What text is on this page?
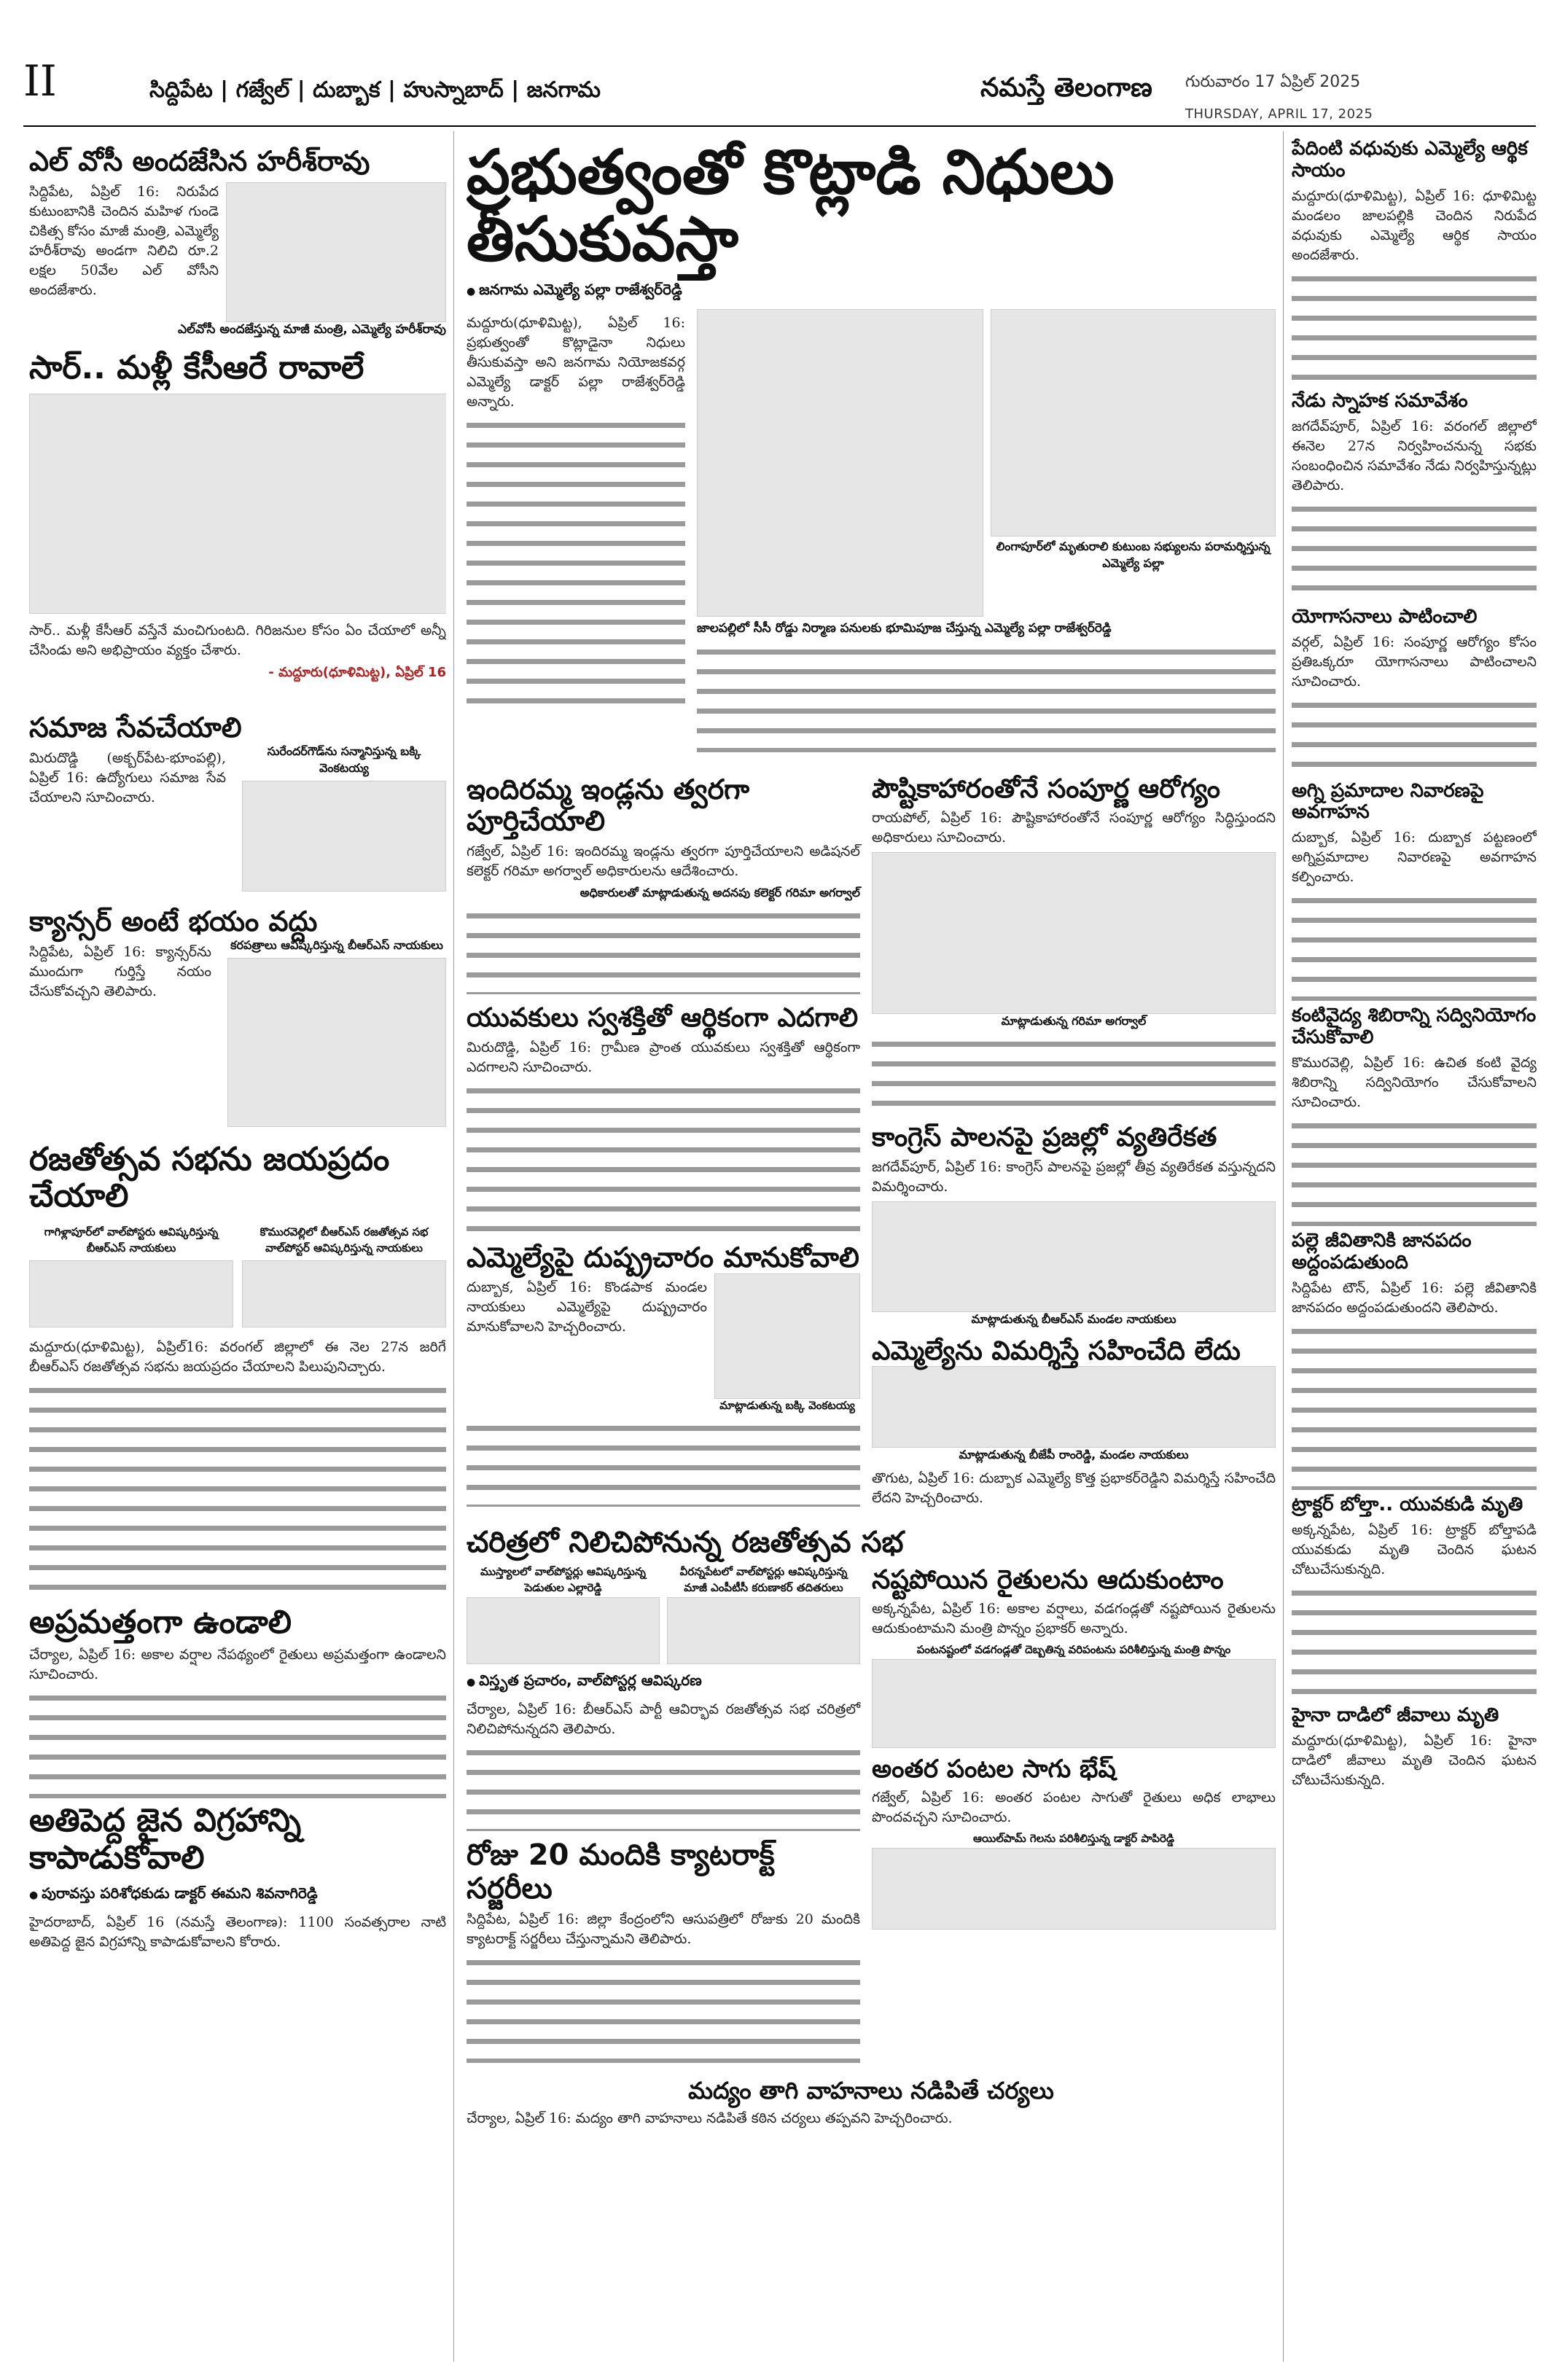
II	సిద్దిపేట | గజ్వేల్ | దుబ్బాక | హుస్నాబాద్ | జనగామ	నమస్తే తెలంగాణ గురువారం 17 ఏప్రిల్ 2025
THURSDAY, APRIL 17, 2025
ఎల్ వోసీ అందజేసిన హరీశ్‌రావు

సిద్దిపేట, ఏప్రిల్ 16: నిరుపేద కుటుంబానికి చెందిన మహిళ గుండె చికిత్స కోసం మాజీ మంత్రి, ఎమ్మెల్యే హరీశ్‌రావు అండగా నిలిచి రూ.2 లక్షల 50వేల ఎల్ వోసీని అందజేశారు.

ఎల్‌వోసీ అందజేస్తున్న మాజీ మంత్రి, ఎమ్మెల్యే హరీశ్‌రావు
సార్.. మళ్లీ కేసీఆరే రావాలే

సార్.. మళ్లీ కేసీఆర్ వస్తేనే మంచిగుంటది. గిరిజనుల కోసం ఏం చేయాలో అన్నీ చేసిండు అని అభిప్రాయం వ్యక్తం చేశారు.

- మద్దూరు(ధూళిమిట్ట), ఏప్రిల్ 16
సమాజ సేవచేయాలి

మిరుదొడ్డి (అక్బర్‌పేట-భూంపల్లి), ఏప్రిల్ 16: ఉద్యోగులు సమాజ సేవ చేయాలని సూచించారు.

సురేందర్‌గౌడ్‌ను సన్మానిస్తున్న బక్కి వెంకటయ్య
క్యాన్సర్ అంటే భయం వద్దు

సిద్దిపేట, ఏప్రిల్ 16: క్యాన్సర్‌ను ముందుగా గుర్తిస్తే నయం చేసుకోవచ్చని తెలిపారు.

కరపత్రాలు ఆవిష్కరిస్తున్న బీఆర్ఎస్ నాయకులు
రజతోత్సవ సభను జయప్రదం చేయాలి
గాగిళ్లాపూర్‌లో వాల్‌పోస్టరు ఆవిష్కరిస్తున్న బీఆర్ఎస్ నాయకులు
కొమురవెల్లిలో బీఆర్ఎస్ రజతోత్సవ సభ వాల్‌పోస్టర్ ఆవిష్కరిస్తున్న నాయకులు

మద్దూరు(ధూళిమిట్ట), ఏప్రిల్16: వరంగల్ జిల్లాలో ఈ నెల 27న జరిగే బీఆర్ఎస్ రజతోత్సవ సభను జయప్రదం చేయాలని పిలుపునిచ్చారు.

అప్రమత్తంగా ఉండాలి

చేర్యాల, ఏప్రిల్ 16: అకాల వర్షాల నేపథ్యంలో రైతులు అప్రమత్తంగా ఉండాలని సూచించారు.

అతిపెద్ద జైన విగ్రహాన్ని కాపాడుకోవాలి
● పురావస్తు పరిశోధకుడు డాక్టర్ ఈమని శివనాగిరెడ్డి

హైదరాబాద్, ఏప్రిల్ 16 (నమస్తే తెలంగాణ): 1100 సంవత్సరాల నాటి అతిపెద్ద జైన విగ్రహాన్ని కాపాడుకోవాలని కోరారు.

ప్రభుత్వంతో కొట్లాడి నిధులు తీసుకువస్తా
● జనగామ ఎమ్మెల్యే పల్లా రాజేశ్వర్‌రెడ్డి

మద్దూరు(ధూళిమిట్ట), ఏప్రిల్ 16: ప్రభుత్వంతో కొట్లాడైనా నిధులు తీసుకువస్తా అని జనగామ నియోజకవర్గ ఎమ్మెల్యే డాక్టర్ పల్లా రాజేశ్వర్‌రెడ్డి అన్నారు.

లింగాపూర్‌లో మృతురాలి కుటుంబ సభ్యులను పరామర్శిస్తున్న ఎమ్మెల్యే పల్లా
జాలపల్లిలో సీసీ రోడ్డు నిర్మాణ పనులకు భూమిపూజ చేస్తున్న ఎమ్మెల్యే పల్లా రాజేశ్వర్‌రెడ్డి

ఇందిరమ్మ ఇండ్లను త్వరగా పూర్తిచేయాలి

గజ్వేల్, ఏప్రిల్ 16: ఇందిరమ్మ ఇండ్లను త్వరగా పూర్తిచేయాలని అడిషనల్ కలెక్టర్ గరిమా అగర్వాల్ అధికారులను ఆదేశించారు.

అధికారులతో మాట్లాడుతున్న అదనపు కలెక్టర్ గరిమా అగర్వాల్

యువకులు స్వశక్తితో ఆర్థికంగా ఎదగాలి

మిరుదొడ్డి, ఏప్రిల్ 16: గ్రామీణ ప్రాంత యువకులు స్వశక్తితో ఆర్థికంగా ఎదగాలని సూచించారు.

ఎమ్మెల్యేపై దుష్ప్రచారం మానుకోవాలి

దుబ్బాక, ఏప్రిల్ 16: కొండపాక మండల నాయకులు ఎమ్మెల్యేపై దుష్ప్రచారం మానుకోవాలని హెచ్చరించారు.

మాట్లాడుతున్న బక్కి వెంకటయ్య

పౌష్టికాహారంతోనే సంపూర్ణ ఆరోగ్యం

రాయపోల్, ఏప్రిల్ 16: పౌష్టికాహారంతోనే సంపూర్ణ ఆరోగ్యం సిద్ధిస్తుందని అధికారులు సూచించారు.

మాట్లాడుతున్న గరిమా అగర్వాల్

కాంగ్రెస్ పాలనపై ప్రజల్లో వ్యతిరేకత

జగదేవ్‌పూర్, ఏప్రిల్ 16: కాంగ్రెస్ పాలనపై ప్రజల్లో తీవ్ర వ్యతిరేకత వస్తున్నదని విమర్శించారు.

మాట్లాడుతున్న బీఆర్ఎస్ మండల నాయకులు
ఎమ్మెల్యేను విమర్శిస్తే సహించేది లేదు
మాట్లాడుతున్న బీజేపీ రాంరెడ్డి, మండల నాయకులు

తొగుట, ఏప్రిల్ 16: దుబ్బాక ఎమ్మెల్యే కొత్త ప్రభాకర్‌రెడ్డిని విమర్శిస్తే సహించేది లేదని హెచ్చరించారు.

చరిత్రలో నిలిచిపోనున్న రజతోత్సవ సభ
ముస్త్యాలలో వాల్‌పోస్టర్లు ఆవిష్కరిస్తున్న పెడుతుల ఎల్లారెడ్డి
వీరన్నపేటలో వాల్‌పోస్టర్లు ఆవిష్కరిస్తున్న మాజీ ఎంపీటీసీ కరుణాకర్ తదితరులు
● విస్తృత ప్రచారం, వాల్‌పోస్టర్ల ఆవిష్కరణ

చేర్యాల, ఏప్రిల్ 16: బీఆర్ఎస్ పార్టీ ఆవిర్భావ రజతోత్సవ సభ చరిత్రలో నిలిచిపోనున్నదని తెలిపారు.

రోజు 20 మందికి క్యాటరాక్ట్ సర్జరీలు

సిద్దిపేట, ఏప్రిల్ 16: జిల్లా కేంద్రంలోని ఆసుపత్రిలో రోజుకు 20 మందికి క్యాటరాక్ట్ సర్జరీలు చేస్తున్నామని తెలిపారు.

నష్టపోయిన రైతులను ఆదుకుంటాం

అక్కన్నపేట, ఏప్రిల్ 16: అకాల వర్షాలు, వడగండ్లతో నష్టపోయిన రైతులను ఆదుకుంటామని మంత్రి పొన్నం ప్రభాకర్ అన్నారు.

పంటనష్టంలో వడగండ్లతో దెబ్బతిన్న వరిపంటను పరిశీలిస్తున్న మంత్రి పొన్నం
అంతర పంటల సాగు భేష్

గజ్వేల్, ఏప్రిల్ 16: అంతర పంటల సాగుతో రైతులు అధిక లాభాలు పొందవచ్చని సూచించారు.

ఆయిల్‌పామ్ గెలను పరిశీలిస్తున్న డాక్టర్ పాపిరెడ్డి
మద్యం తాగి వాహనాలు నడిపితే చర్యలు

చేర్యాల, ఏప్రిల్ 16: మద్యం తాగి వాహనాలు నడిపితే కఠిన చర్యలు తప్పవని హెచ్చరించారు.

పేదింటి వధువుకు ఎమ్మెల్యే ఆర్థిక సాయం

మద్దూరు(ధూళిమిట్ట), ఏప్రిల్ 16: ధూళిమిట్ట మండలం జాలపల్లికి చెందిన నిరుపేద వధువుకు ఎమ్మెల్యే ఆర్థిక సాయం అందజేశారు.

నేడు స్నాహక సమావేశం

జగదేవ్‌పూర్, ఏప్రిల్ 16: వరంగల్ జిల్లాలో ఈనెల 27న నిర్వహించనున్న సభకు సంబంధించిన సమావేశం నేడు నిర్వహిస్తున్నట్లు తెలిపారు.

యోగాసనాలు పాటించాలి

వర్గల్, ఏప్రిల్ 16: సంపూర్ణ ఆరోగ్యం కోసం ప్రతిఒక్కరూ యోగాసనాలు పాటించాలని సూచించారు.

అగ్ని ప్రమాదాల నివారణపై అవగాహన

దుబ్బాక, ఏప్రిల్ 16: దుబ్బాక పట్టణంలో అగ్నిప్రమాదాల నివారణపై అవగాహన కల్పించారు.

కంటివైద్య శిబిరాన్ని సద్వినియోగం చేసుకోవాలి

కొమురవెల్లి, ఏప్రిల్ 16: ఉచిత కంటి వైద్య శిబిరాన్ని సద్వినియోగం చేసుకోవాలని సూచించారు.

పల్లె జీవితానికి జానపదం అద్దంపడుతుంది

సిద్దిపేట టౌన్, ఏప్రిల్ 16: పల్లె జీవితానికి జానపదం అద్దంపడుతుందని తెలిపారు.

ట్రాక్టర్ బోల్తా.. యువకుడి మృతి

అక్కన్నపేట, ఏప్రిల్ 16: ట్రాక్టర్ బోల్తాపడి యువకుడు మృతి చెందిన ఘటన చోటుచేసుకున్నది.

హైనా దాడిలో జీవాలు మృతి

మద్దూరు(ధూళిమిట్ట), ఏప్రిల్ 16: హైనా దాడిలో జీవాలు మృతి చెందిన ఘటన చోటుచేసుకున్నది.
